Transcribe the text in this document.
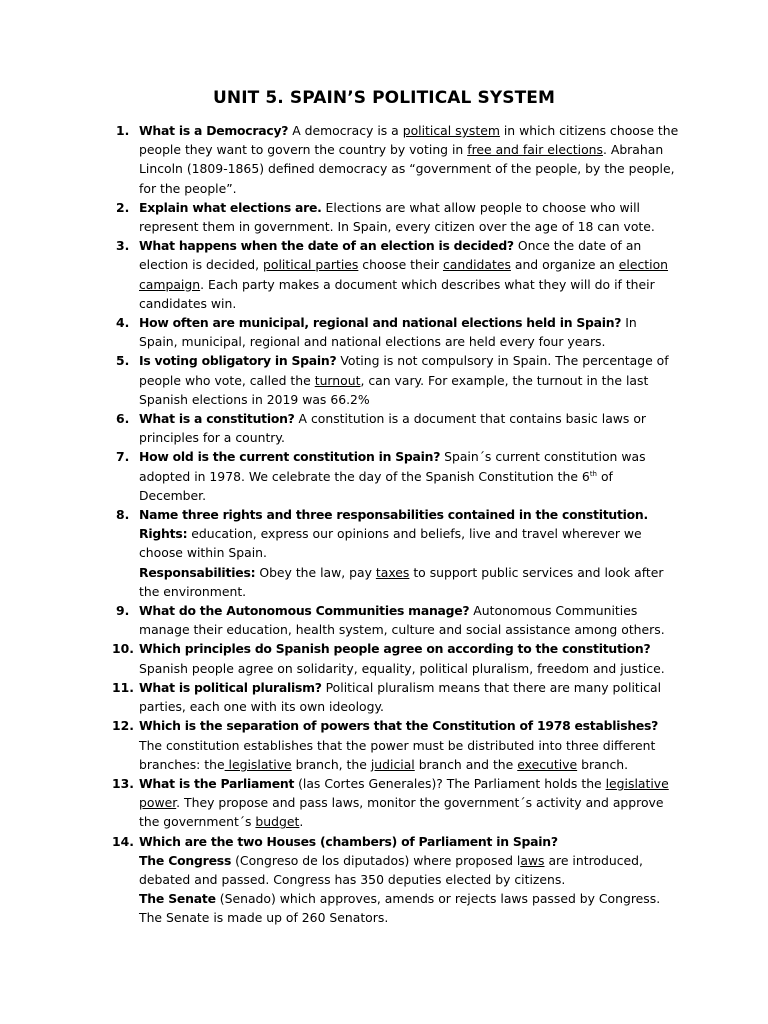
UNIT 5. SPAIN’S POLITICAL SYSTEM
1. What is a Democracy? A democracy is a political system in which citizens choose the people they want to govern the country by voting in free and fair elections. Abrahan Lincoln (1809-1865) defined democracy as “government of the people, by the people, for the people”.
2. Explain what elections are. Elections are what allow people to choose who will represent them in government. In Spain, every citizen over the age of 18 can vote.
3. What happens when the date of an election is decided? Once the date of an election is decided, political parties choose their candidates and organize an election campaign. Each party makes a document which describes what they will do if their candidates win.
4. How often are municipal, regional and national elections held in Spain? In Spain, municipal, regional and national elections are held every four years.
5. Is voting obligatory in Spain? Voting is not compulsory in Spain. The percentage of people who vote, called the turnout, can vary. For example, the turnout in the last Spanish elections in 2019 was 66.2%
6. What is a constitution? A constitution is a document that contains basic laws or principles for a country.
7. How old is the current constitution in Spain? Spain´s current constitution was adopted in 1978. We celebrate the day of the Spanish Constitution the 6th of December.
8. Name three rights and three responsabilities contained in the constitution.
Rights: education, express our opinions and beliefs, live and travel wherever we choose within Spain.
Responsabilities: Obey the law, pay taxes to support public services and look after the environment.
9. What do the Autonomous Communities manage? Autonomous Communities manage their education, health system, culture and social assistance among others.
10. Which principles do Spanish people agree on according to the constitution? Spanish people agree on solidarity, equality, political pluralism, freedom and justice.
11. What is political pluralism? Political pluralism means that there are many political parties, each one with its own ideology.
12. Which is the separation of powers that the Constitution of 1978 establishes? The constitution establishes that the power must be distributed into three different branches: the legislative branch, the judicial branch and the executive branch.
13. What is the Parliament (las Cortes Generales)? The Parliament holds the legislative power. They propose and pass laws, monitor the government´s activity and approve the government´s budget.
14. Which are the two Houses (chambers) of Parliament in Spain?
The Congress (Congreso de los diputados) where proposed laws are introduced, debated and passed. Congress has 350 deputies elected by citizens.
The Senate (Senado) which approves, amends or rejects laws passed by Congress. The Senate is made up of 260 Senators.
